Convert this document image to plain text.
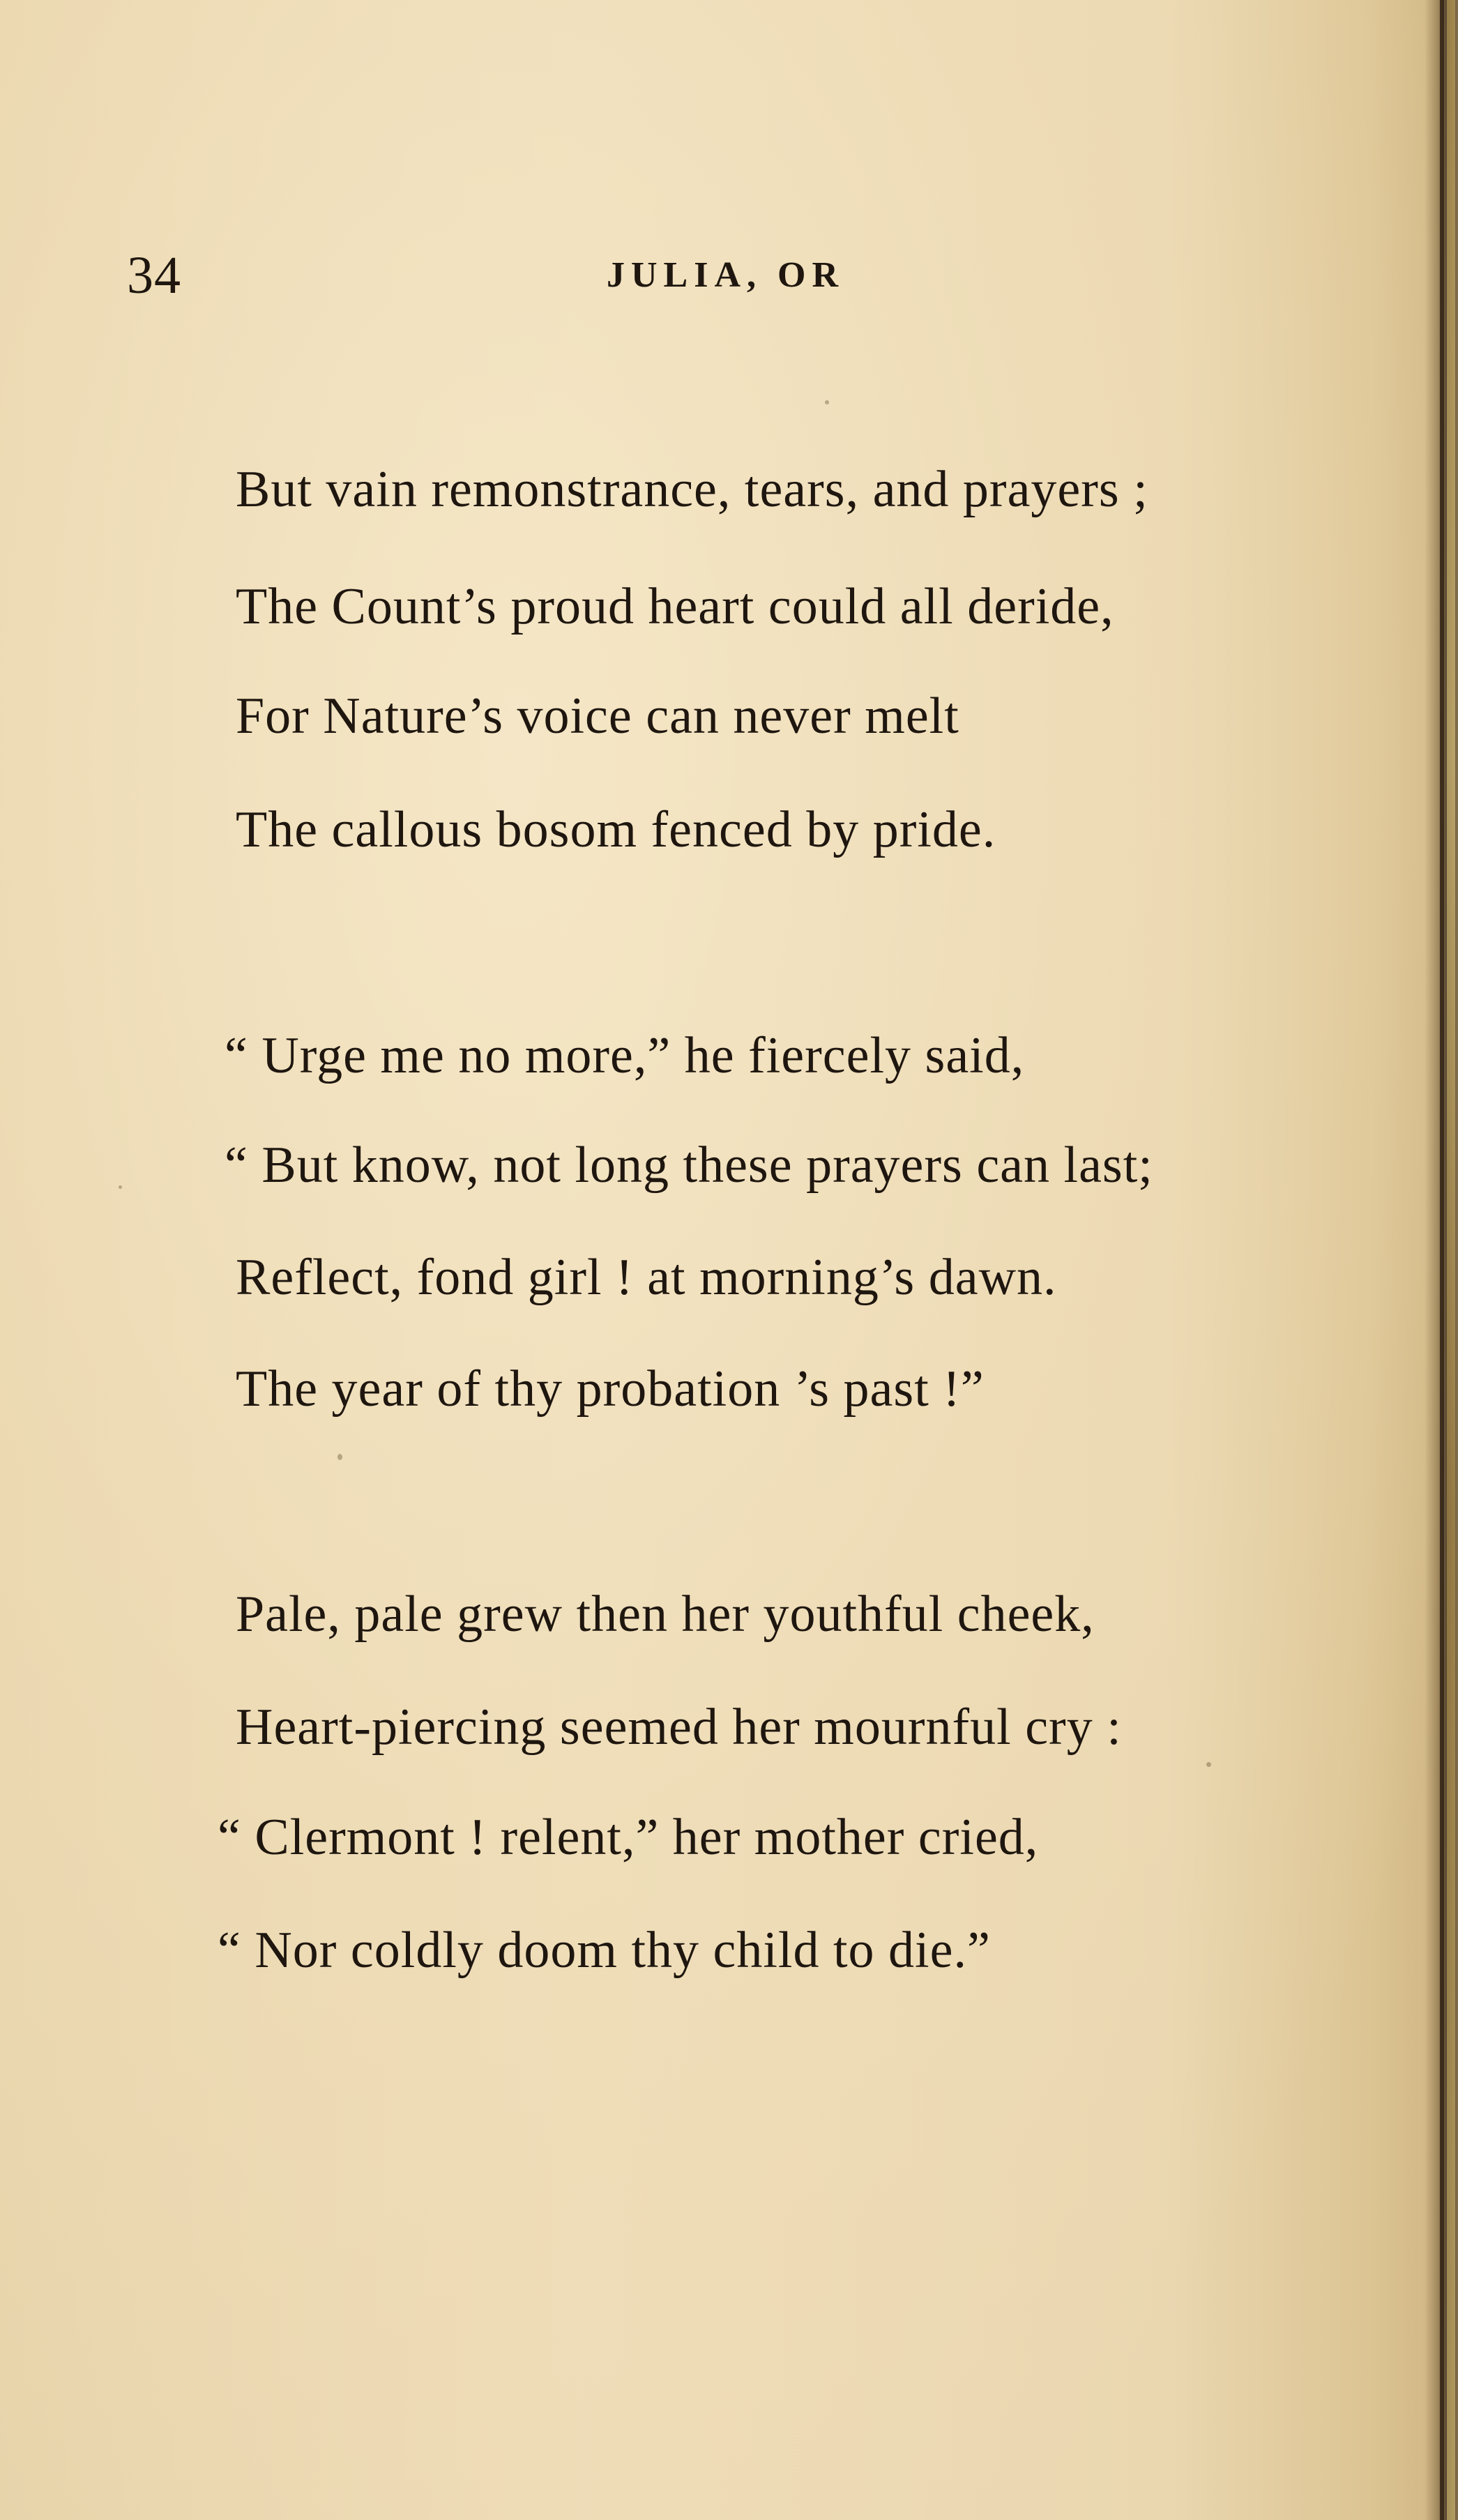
34	JULIA, OR
But vain remonstrance, tears, and prayers ;
The Count’s proud heart could all deride,
For Nature’s voice can never melt
The callous bosom fenced by pride.
“ Urge me no more,” he fiercely said,
“ But know, not long these prayers can last;
Reflect, fond girl ! at morning’s dawn.
The year of thy probation ’s past !”
Pale, pale grew then her youthful cheek,
Heart-piercing seemed her mournful cry :
“ Clermont ! relent,” her mother cried,
“ Nor coldly doom thy child to die.”
